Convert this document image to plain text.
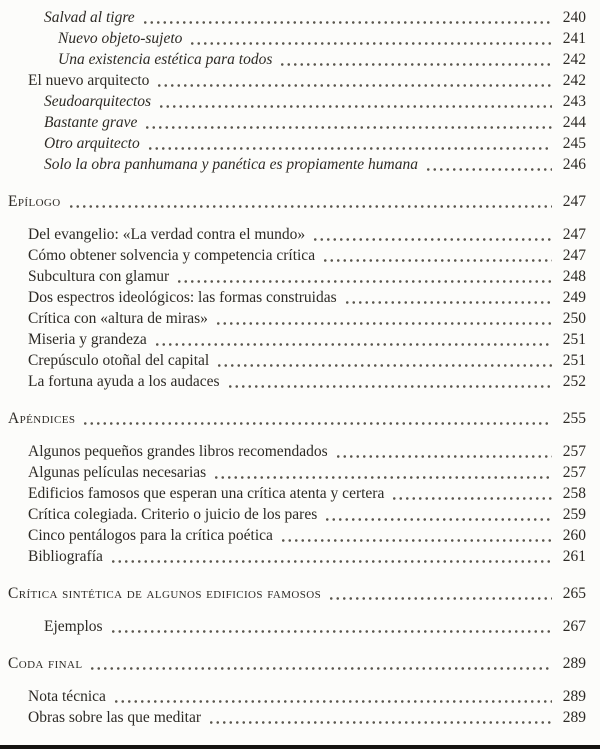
Salvad al tigre	240
Nuevo objeto-sujeto	241
Una existencia estética para todos	242
El nuevo arquitecto	242
Seudoarquitectos	243
Bastante grave	244
Otro arquitecto	245
Solo la obra panhumana y panética es propiamente humana	246
Epílogo	247
Del evangelio: «La verdad contra el mundo»	247
Cómo obtener solvencia y competencia crítica	247
Subcultura con glamur	248
Dos espectros ideológicos: las formas construidas	249
Crítica con «altura de miras»	250
Miseria y grandeza	251
Crepúsculo otoñal del capital	251
La fortuna ayuda a los audaces	252
Apéndices	255
Algunos pequeños grandes libros recomendados	257
Algunas películas necesarias	257
Edificios famosos que esperan una crítica atenta y certera	258
Crítica colegiada. Criterio o juicio de los pares	259
Cinco pentálogos para la crítica poética	260
Bibliografía	261
Crítica sintética de algunos edificios famosos	265
Ejemplos	267
Coda final	289
Nota técnica	289
Obras sobre las que meditar	289
